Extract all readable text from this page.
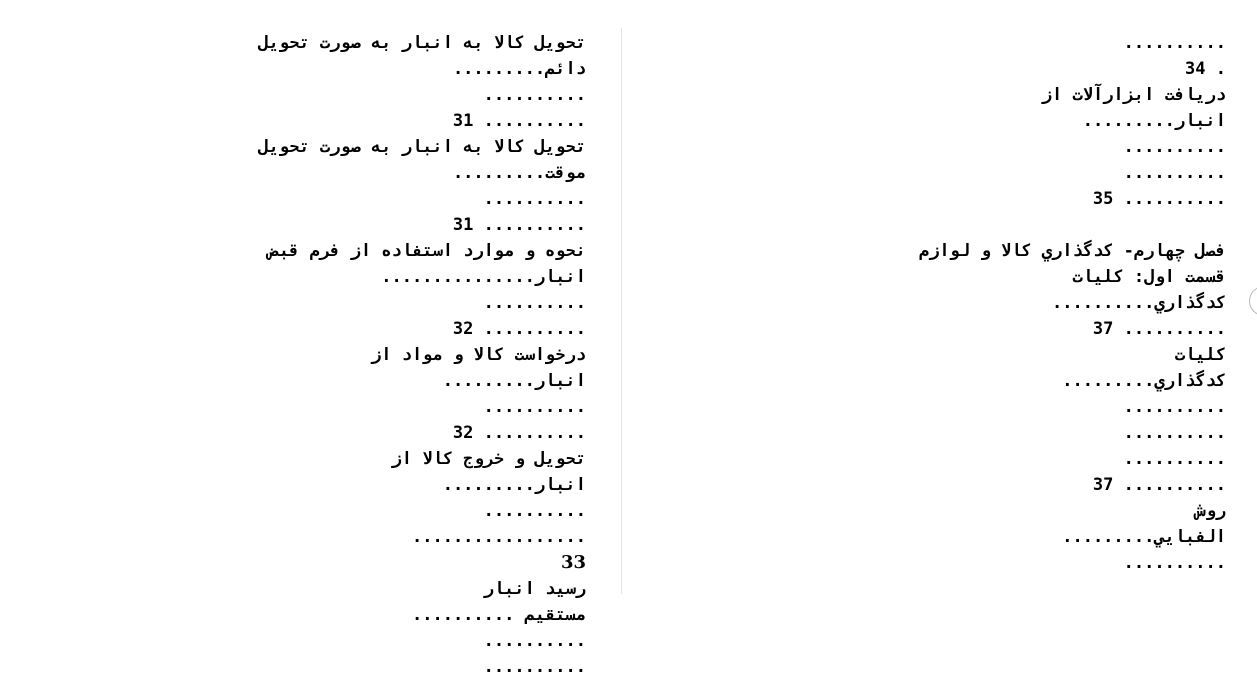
تحويل كالا به انبار به صورت تحويل
دائم.........
..........
.......... 31
تحويل كالا به انبار به صورت تحويل
موقت.........
..........
.......... 31
نحوه و موارد استفاده از فرم قبض
انبار...............
..........
.......... 32
درخواست كالا و مواد از
انبار.........
..........
.......... 32
تحويل و خروج كالا از
انبار.........
..........
.................
33
رسيد انبار
مستقيم ..........
..........
..........
..........
. 34
دريافت ابزارآلات از
انبار.........
..........
..........
.......... 35
فصل چهارم- كدگذاري كالا و لوازم
قسمت اول: كليات
كدگذاري..........
.......... 37
كليات
كدگذاري.........
..........
..........
..........
.......... 37
روش
الفبايي.........
..........
